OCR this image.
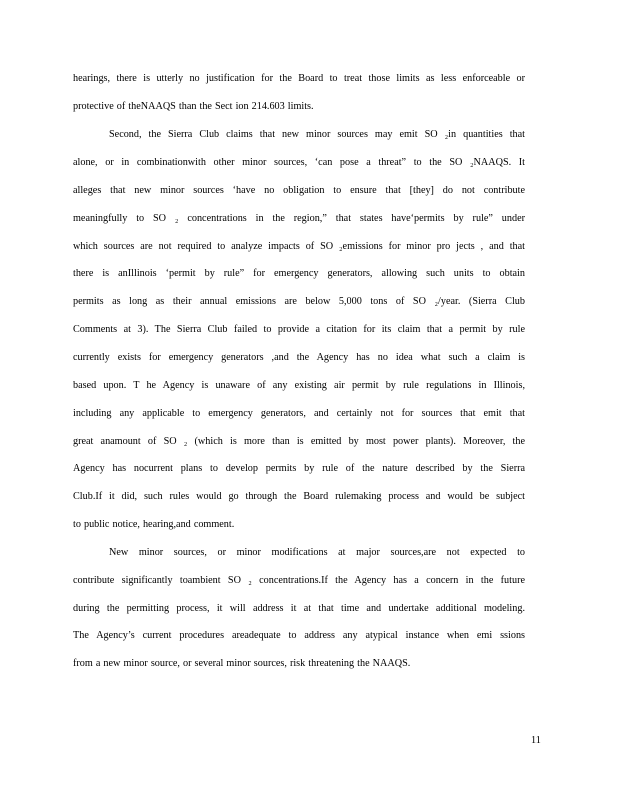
hearings, there is utterly no justification for the Board to treat those limits as less enforceable or
protective of theNAAQS than the Sect ion 214.603 limits.
Second, the Sierra Club claims that new minor sources may emit SO ₂in quantities that
alone, or in combinationwith other minor sources, ‘can pose a threat” to the SO ₂NAAQS. It
alleges that new minor sources ‘have no obligation to ensure that [they] do not contribute
meaningfully to SO ₂ concentrations in the region,” that states have‘permits by rule” under
which sources are not required to analyze impacts of SO ₂emissions for minor pro jects , and that
there is anIllinois ‘permit by rule” for emergency generators, allowing such units to obtain
permits as long as their annual emissions are below 5,000 tons of SO ₂/year. (Sierra Club
Comments at 3). The Sierra Club failed to provide a citation for its claim that a permit by rule
currently exists for emergency generators ,and the Agency has no idea what such a claim is
based upon. T he Agency is unaware of any existing air permit by rule regulations in Illinois,
including any applicable to emergency generators, and certainly not for sources that emit that
great anamount of SO ₂ (which is more than is emitted by most power plants). Moreover, the
Agency has nocurrent plans to develop permits by rule of the nature described by the Sierra
Club.If it did, such rules would go through the Board rulemaking process and would be subject
to public notice, hearing,and comment.
New minor sources, or minor modifications at major sources,are not expected to
contribute significantly toambient SO ₂ concentrations.If the Agency has a concern in the future
during the permitting process, it will address it at that time and undertake additional modeling.
The Agency’s current procedures areadequate to address any atypical instance when emi ssions
from a new minor source, or several minor sources, risk threatening the NAAQS.
11
